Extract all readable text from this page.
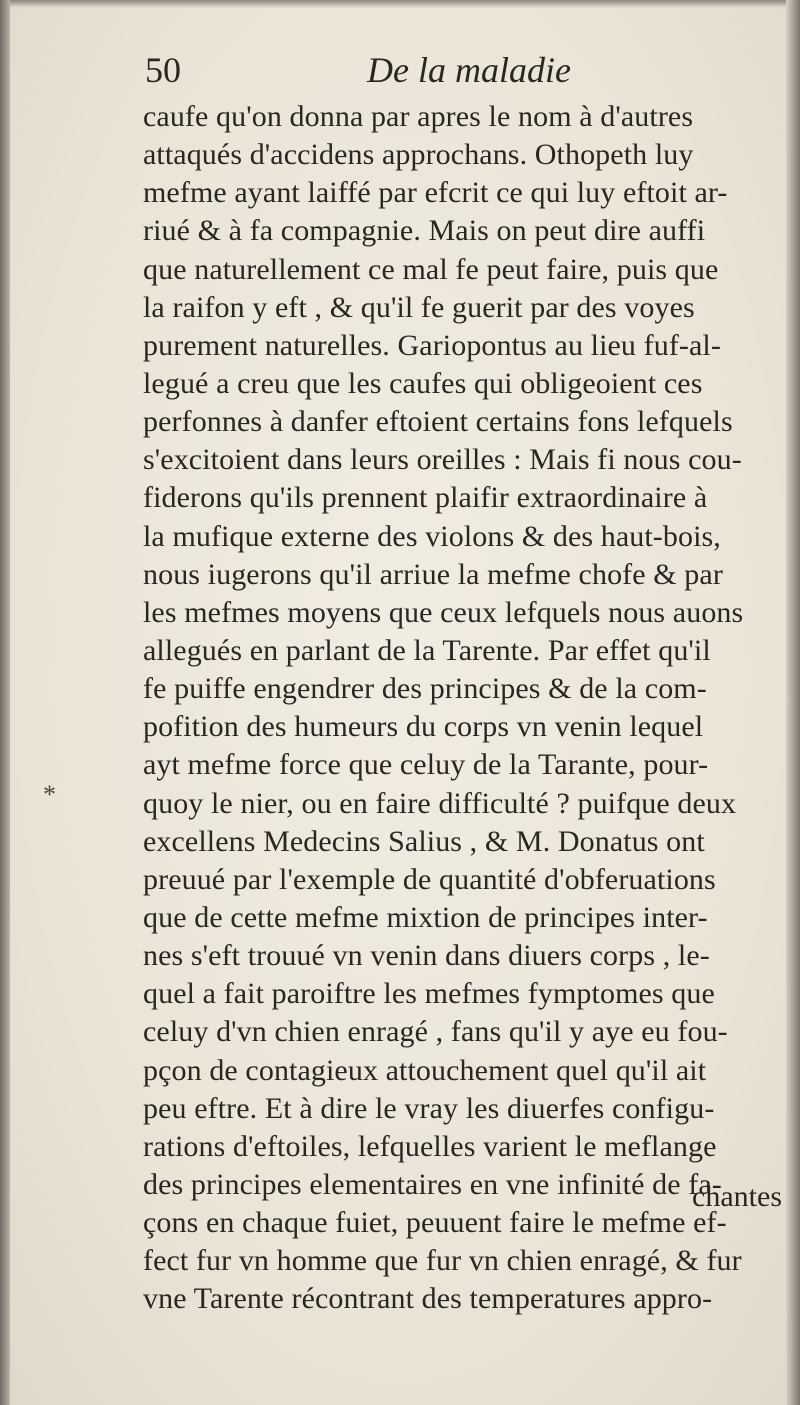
50	De la maladie
*
caufe qu'on donna par apres le nom à d'autres
attaqués d'accidens approchans. Othopeth luy
mefme ayant laiffé par efcrit ce qui luy eftoit ar-
riué & à fa compagnie. Mais on peut dire auffi
que naturellement ce mal fe peut faire, puis que
la raifon y eft , & qu'il fe guerit par des voyes
purement naturelles. Gariopontus au lieu fuf-al-
legué a creu que les caufes qui obligeoient ces
perfonnes à danfer eftoient certains fons lefquels
s'excitoient dans leurs oreilles : Mais fi nous cou-
fiderons qu'ils prennent plaifir extraordinaire à
la mufique externe des violons & des haut-bois,
nous iugerons qu'il arriue la mefme chofe & par
les mefmes moyens que ceux lefquels nous auons
allegués en parlant de la Tarente. Par effet qu'il
fe puiffe engendrer des principes & de la com-
pofition des humeurs du corps vn venin lequel
ayt mefme force que celuy de la Tarante, pour-
quoy le nier, ou en faire difficulté ? puifque deux
excellens Medecins Salius , & M. Donatus ont
preuué par l'exemple de quantité d'obferuations
que de cette mefme mixtion de principes inter-
nes s'eft trouué vn venin dans diuers corps , le-
quel a fait paroiftre les mefmes fymptomes que
celuy d'vn chien enragé , fans qu'il y aye eu fou-
pçon de contagieux attouchement quel qu'il ait
peu eftre. Et à dire le vray les diuerfes configu-
rations d'eftoiles, lefquelles varient le meflange
des principes elementaires en vne infinité de fa-
çons en chaque fuiet, peuuent faire le mefme ef-
fect fur vn homme que fur vn chien enragé, & fur
vne Tarente récontrant des temperatures appro-
chantes
